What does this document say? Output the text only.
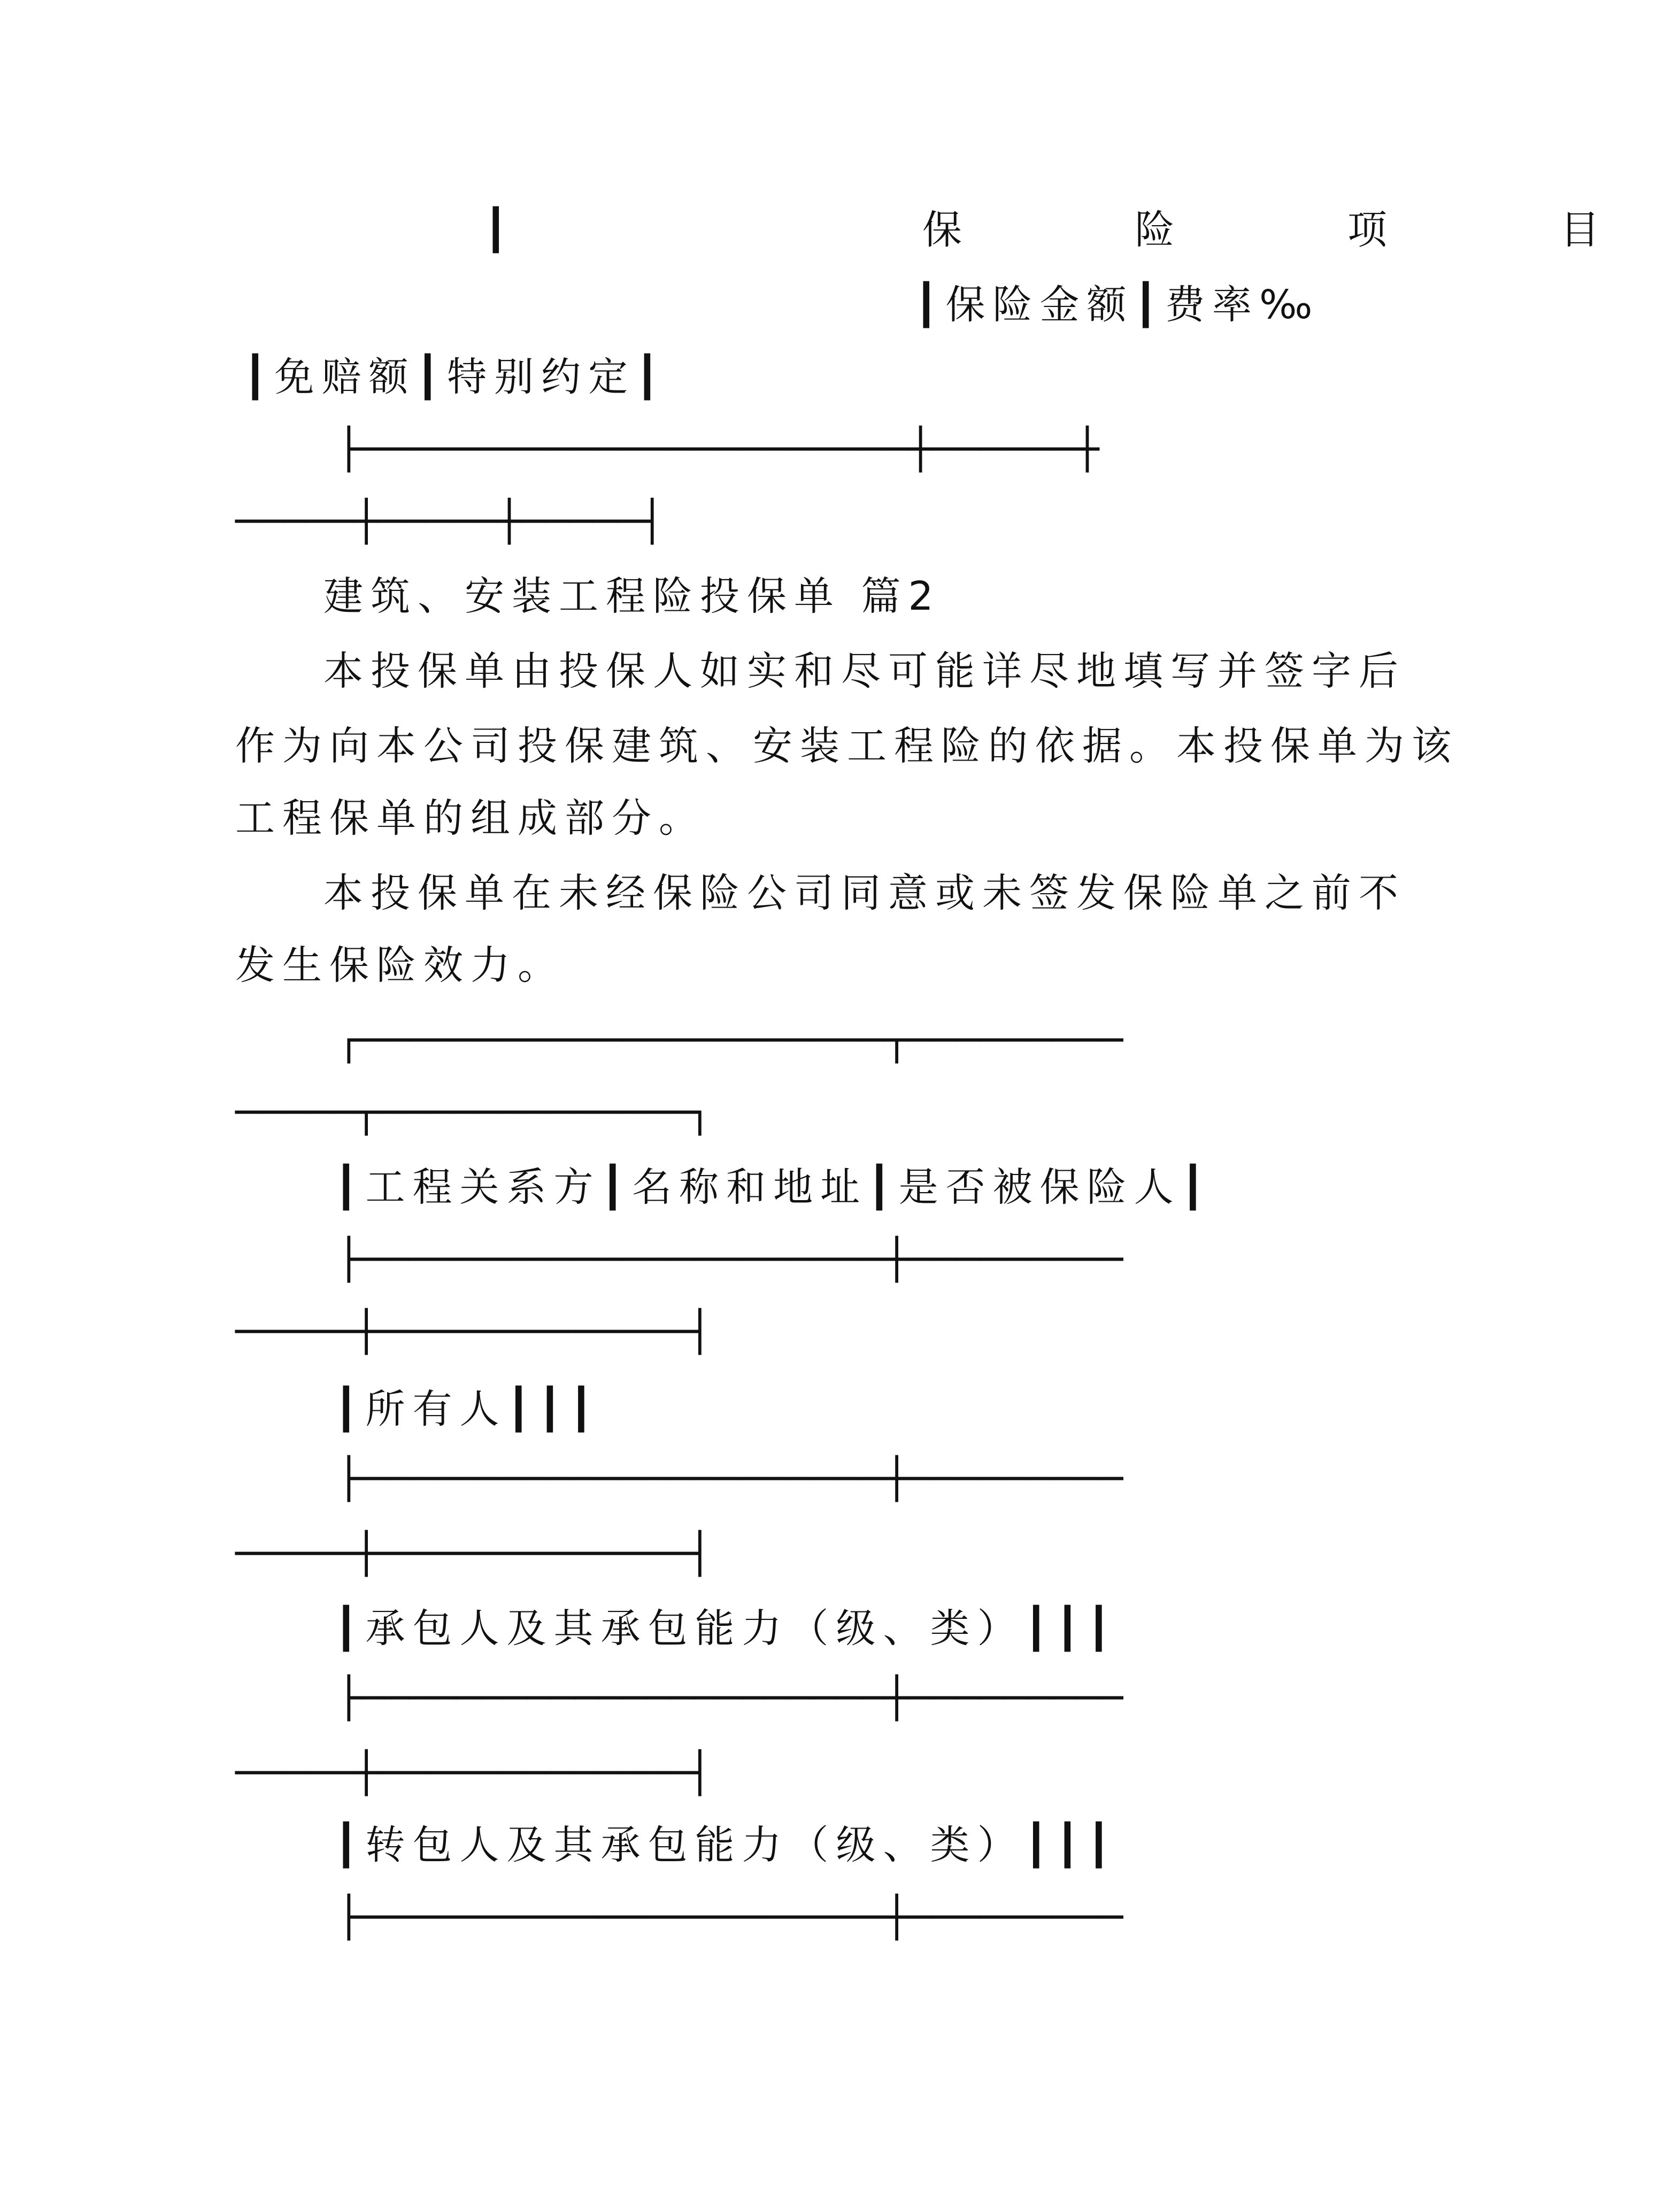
┃	保 险 项 目
┃保险金额┃费率‰
┃免赔额┃特别约定┃
├───────────────────────┼──────┼
─────┼─────┼─────┤
建筑、安装工程险投保单 篇2
本投保单由投保人如实和尽可能详尽地填写并签字后
作为向本公司投保建筑、安装工程险的依据。本投保单为该
工程保单的组成部分。
本投保单在未经保险公司同意或未签发保险单之前不
发生保险效力。
┌──────────────────────┬─────────
─────┬─────────────┐
┃工程关系方┃名称和地址┃是否被保险人┃
├──────────────────────┼─────────
─────┼─────────────┤
┃所有人┃┃┃
├──────────────────────┼─────────
─────┼─────────────┤
┃承包人及其承包能力（级、类）┃┃┃
├──────────────────────┼─────────
─────┼─────────────┤
┃转包人及其承包能力（级、类）┃┃┃
├──────────────────────┼─────────
